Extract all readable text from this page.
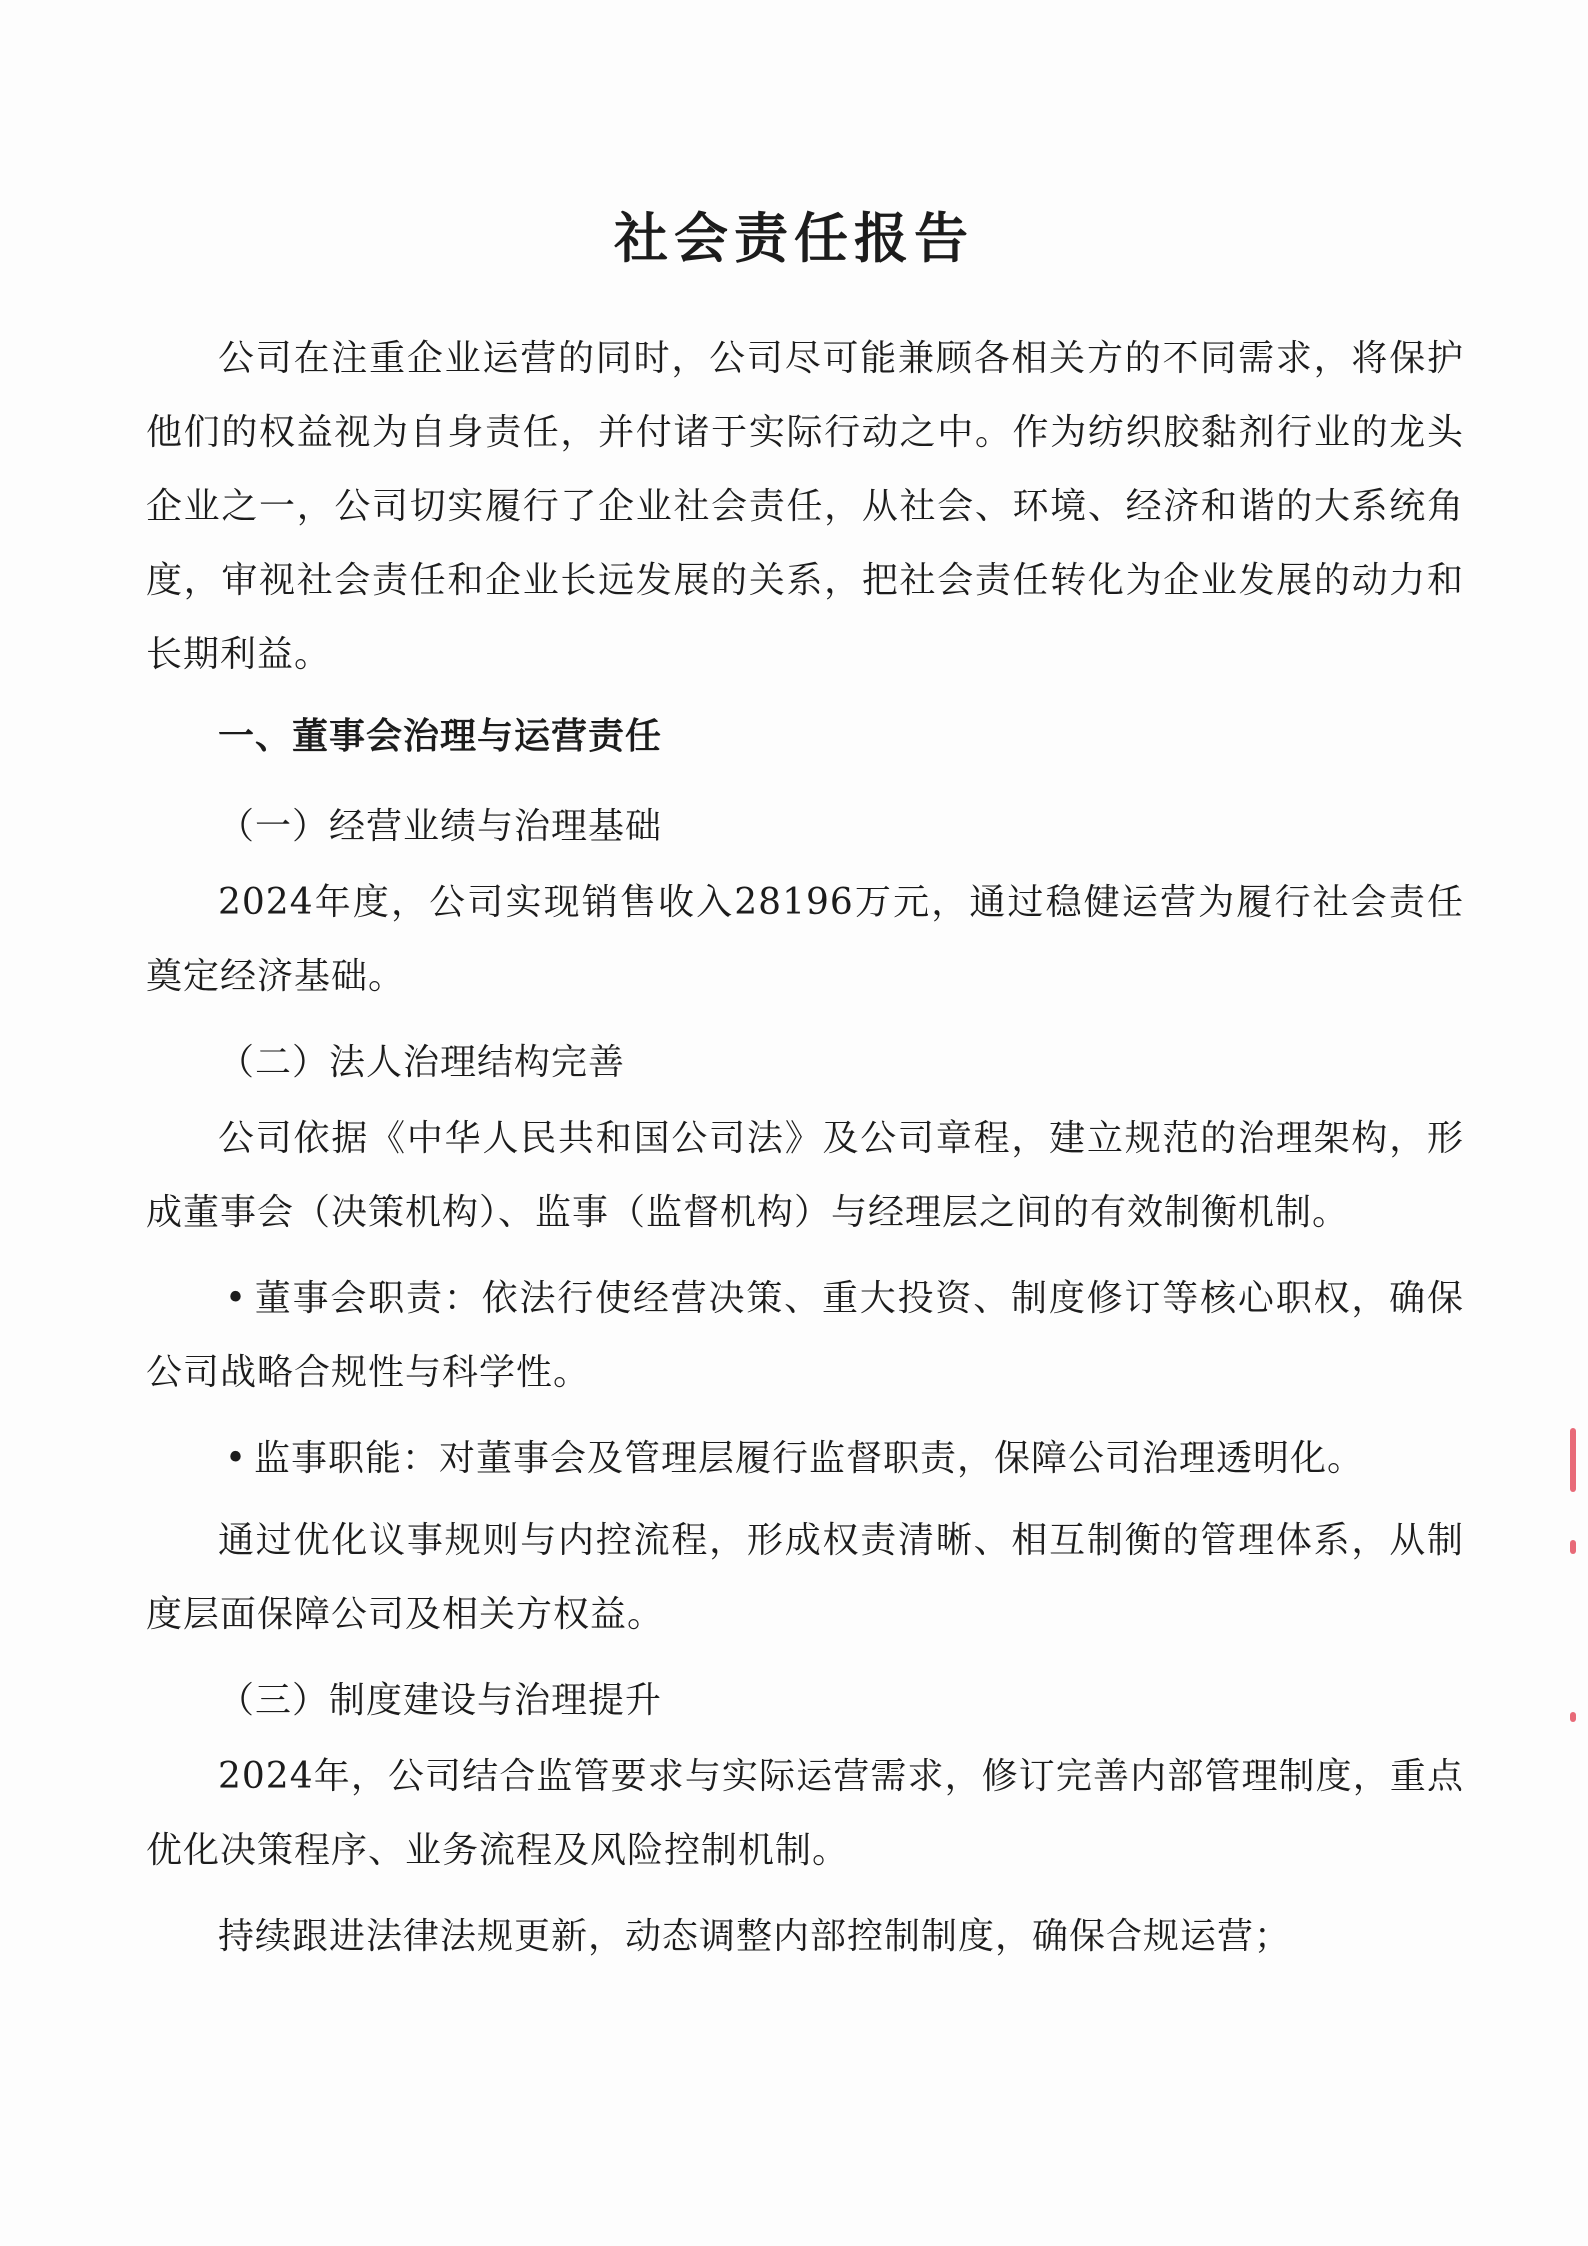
社会责任报告
公司在注重企业运营的同时，公司尽可能兼顾各相关方的不同需求，将保护他们的权益视为自身责任，并付诸于实际行动之中。作为纺织胶黏剂行业的龙头企业之一，公司切实履行了企业社会责任，从社会、环境、经济和谐的大系统角度，审视社会责任和企业长远发展的关系，把社会责任转化为企业发展的动力和长期利益。
一、董事会治理与运营责任
（一）经营业绩与治理基础
2024年度，公司实现销售收入28196万元，通过稳健运营为履行社会责任奠定经济基础。
（二）法人治理结构完善
公司依据《中华人民共和国公司法》及公司章程，建立规范的治理架构，形成董事会（决策机构）、监事（监督机构）与经理层之间的有效制衡机制。
• 董事会职责：依法行使经营决策、重大投资、制度修订等核心职权，确保公司战略合规性与科学性。
• 监事职能：对董事会及管理层履行监督职责，保障公司治理透明化。
通过优化议事规则与内控流程，形成权责清晰、相互制衡的管理体系，从制度层面保障公司及相关方权益。
（三）制度建设与治理提升
2024年，公司结合监管要求与实际运营需求，修订完善内部管理制度，重点优化决策程序、业务流程及风险控制机制。
持续跟进法律法规更新，动态调整内部控制制度，确保合规运营；
